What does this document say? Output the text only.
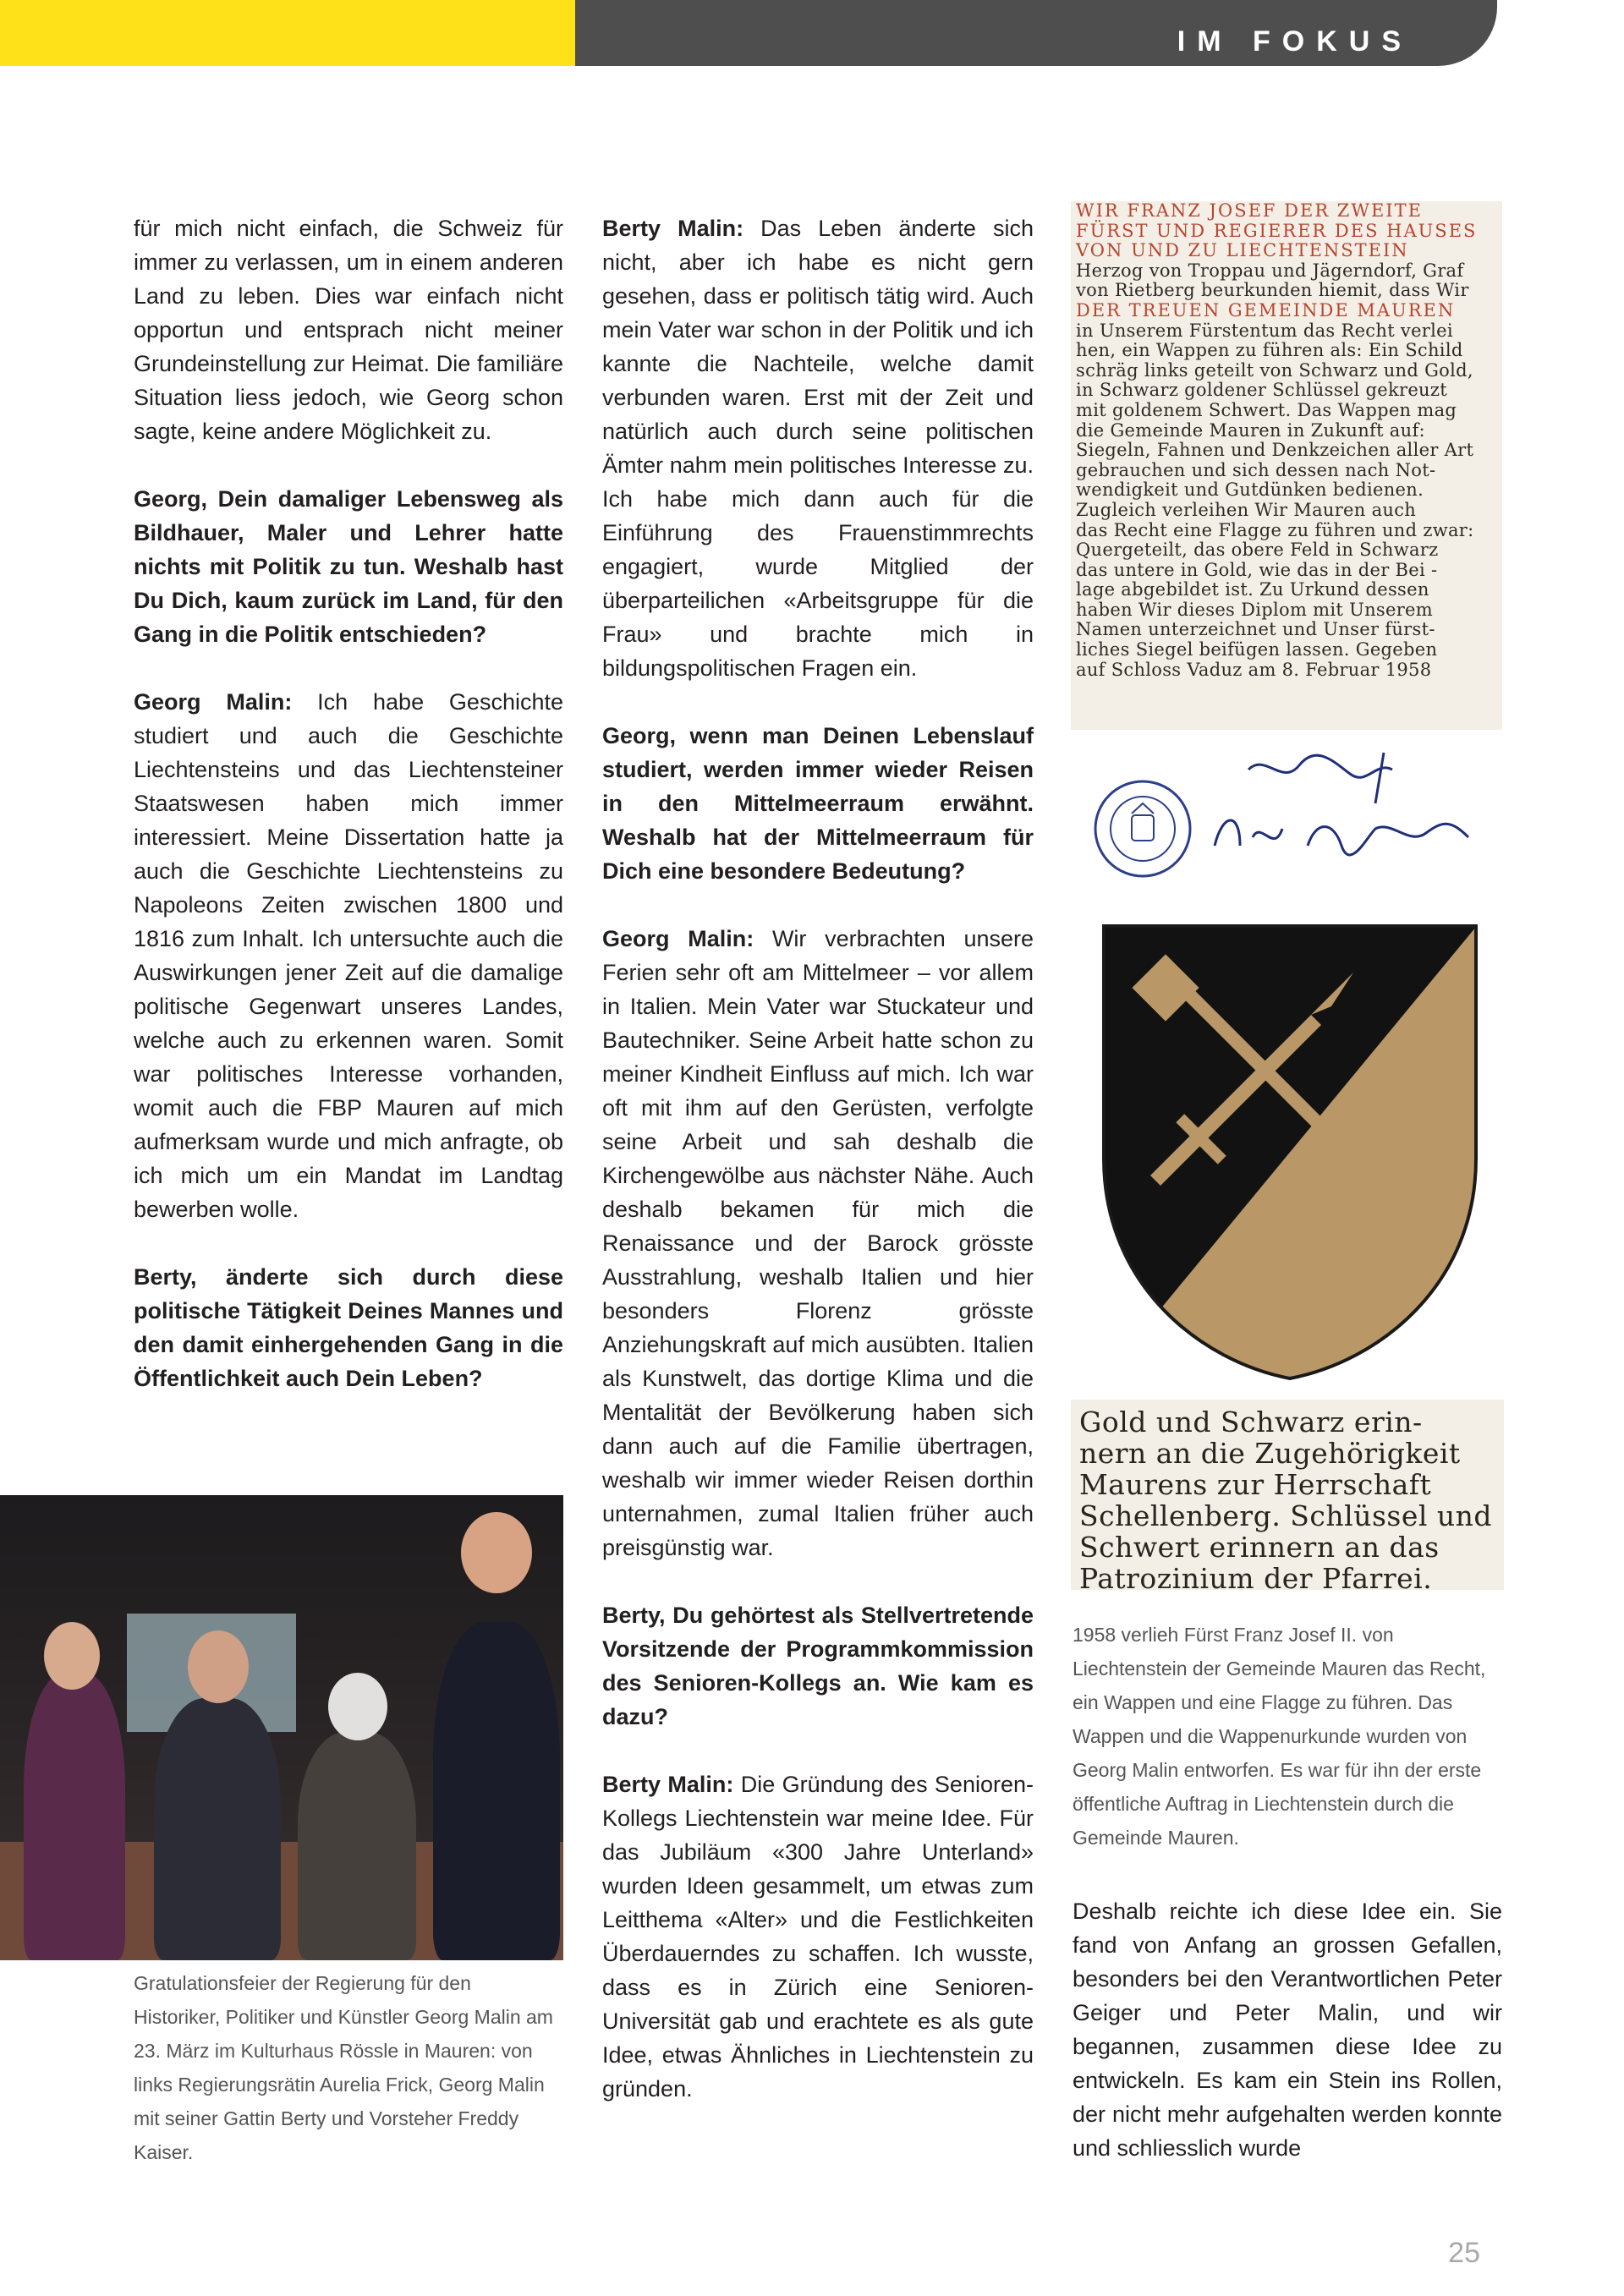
IM FOKUS

für mich nicht einfach, die Schweiz für immer zu verlassen, um in einem anderen Land zu leben. Dies war einfach nicht opportun und entsprach nicht meiner Grundeinstellung zur Heimat. Die familiäre Situation liess jedoch, wie Georg schon sagte, keine andere Möglichkeit zu.

Georg, Dein damaliger Lebensweg als Bildhauer, Maler und Lehrer hatte nichts mit Politik zu tun. Weshalb hast Du Dich, kaum zurück im Land, für den Gang in die Politik entschieden?

Georg Malin: Ich habe Geschichte studiert und auch die Geschichte Liechtensteins und das Liechtensteiner Staatswesen haben mich immer interessiert. Meine Dissertation hatte ja auch die Geschichte Liechtensteins zu Napoleons Zeiten zwischen 1800 und 1816 zum Inhalt. Ich untersuchte auch die Auswirkungen jener Zeit auf die damalige politische Gegenwart unseres Landes, welche auch zu erkennen waren. Somit war politisches Interesse vorhanden, womit auch die FBP Mauren auf mich aufmerksam wurde und mich anfragte, ob ich mich um ein Mandat im Landtag bewerben wolle.

Berty, änderte sich durch diese politische Tätigkeit Deines Mannes und den damit einhergehenden Gang in die Öffentlichkeit auch Dein Leben?

Gratulationsfeier der Regierung für den Historiker, Politiker und Künstler Georg Malin am 23. März im Kulturhaus Rössle in Mauren: von links Regierungsrätin Aurelia Frick, Georg Malin mit seiner Gattin Berty und Vorsteher Freddy Kaiser.

Berty Malin: Das Leben änderte sich nicht, aber ich habe es nicht gern gesehen, dass er politisch tätig wird. Auch mein Vater war schon in der Politik und ich kannte die Nachteile, welche damit verbunden waren. Erst mit der Zeit und natürlich auch durch seine politischen Ämter nahm mein politisches Interesse zu. Ich habe mich dann auch für die Einführung des Frauenstimmrechts engagiert, wurde Mitglied der überparteilichen «Arbeitsgruppe für die Frau» und brachte mich in bildungspolitischen Fragen ein.

Georg, wenn man Deinen Lebenslauf studiert, werden immer wieder Reisen in den Mittelmeerraum erwähnt. Weshalb hat der Mittelmeerraum für Dich eine besondere Bedeutung?

Georg Malin: Wir verbrachten unsere Ferien sehr oft am Mittelmeer – vor allem in Italien. Mein Vater war Stuckateur und Bautechniker. Seine Arbeit hatte schon zu meiner Kindheit Einfluss auf mich. Ich war oft mit ihm auf den Gerüsten, verfolgte seine Arbeit und sah deshalb die Kirchengewölbe aus nächster Nähe. Auch deshalb bekamen für mich die Renaissance und der Barock grösste Ausstrahlung, weshalb Italien und hier besonders Florenz grösste Anziehungskraft auf mich ausübten. Italien als Kunstwelt, das dortige Klima und die Mentalität der Bevölkerung haben sich dann auch auf die Familie übertragen, weshalb wir immer wieder Reisen dorthin unternahmen, zumal Italien früher auch preisgünstig war.

Berty, Du gehörtest als Stellvertretende Vorsitzende der Programmkommission des Senioren-Kollegs an. Wie kam es dazu?

Berty Malin: Die Gründung des Senioren-Kollegs Liechtenstein war meine Idee. Für das Jubiläum «300 Jahre Unterland» wurden Ideen gesammelt, um etwas zum Leitthema «Alter» und die Festlichkeiten Überdauerndes zu schaffen. Ich wusste, dass es in Zürich eine Senioren-Universität gab und erachtete es als gute Idee, etwas Ähnliches in Liechtenstein zu gründen.

WIR FRANZ JOSEF DER ZWEITE
FÜRST UND REGIERER DES HAUSES
VON UND ZU LIECHTENSTEIN
Herzog von Troppau und Jägerndorf, Graf
von Rietberg beurkunden hiemit, dass Wir
DER TREUEN GEMEINDE MAUREN
in Unserem Fürstentum das Recht verlei
hen, ein Wappen zu führen als: Ein Schild
schräg links geteilt von Schwarz und Gold,
in Schwarz goldener Schlüssel gekreuzt
mit goldenem Schwert. Das Wappen mag
die Gemeinde Mauren in Zukunft auf:
Siegeln, Fahnen und Denkzeichen aller Art
gebrauchen und sich dessen nach Not-
wendigkeit und Gutdünken bedienen.
Zugleich verleihen Wir Mauren auch
das Recht eine Flagge zu führen und zwar:
Quergeteilt, das obere Feld in Schwarz
das untere in Gold, wie das in der Bei -
lage abgebildet ist. Zu Urkund dessen
haben Wir dieses Diplom mit Unserem
Namen unterzeichnet und Unser fürst-
liches Siegel beifügen lassen. Gegeben
auf Schloss Vaduz am 8. Februar 1958
Gold und Schwarz erin-
nern an die Zugehörigkeit
Maurens zur Herrschaft
Schellenberg. Schlüssel und
Schwert erinnern an das
Patrozinium der Pfarrei.
1958 verlieh Fürst Franz Josef II. von Liechtenstein der Gemeinde Mauren das Recht, ein Wappen und eine Flagge zu führen. Das Wappen und die Wappenurkunde wurden von Georg Malin entworfen. Es war für ihn der erste öffentliche Auftrag in Liechtenstein durch die Gemeinde Mauren.

Deshalb reichte ich diese Idee ein. Sie fand von Anfang an grossen Gefallen, besonders bei den Verantwortlichen Peter Geiger und Peter Malin, und wir begannen, zusammen diese Idee zu entwickeln. Es kam ein Stein ins Rollen, der nicht mehr aufgehalten werden konnte und schliesslich wurde

25
